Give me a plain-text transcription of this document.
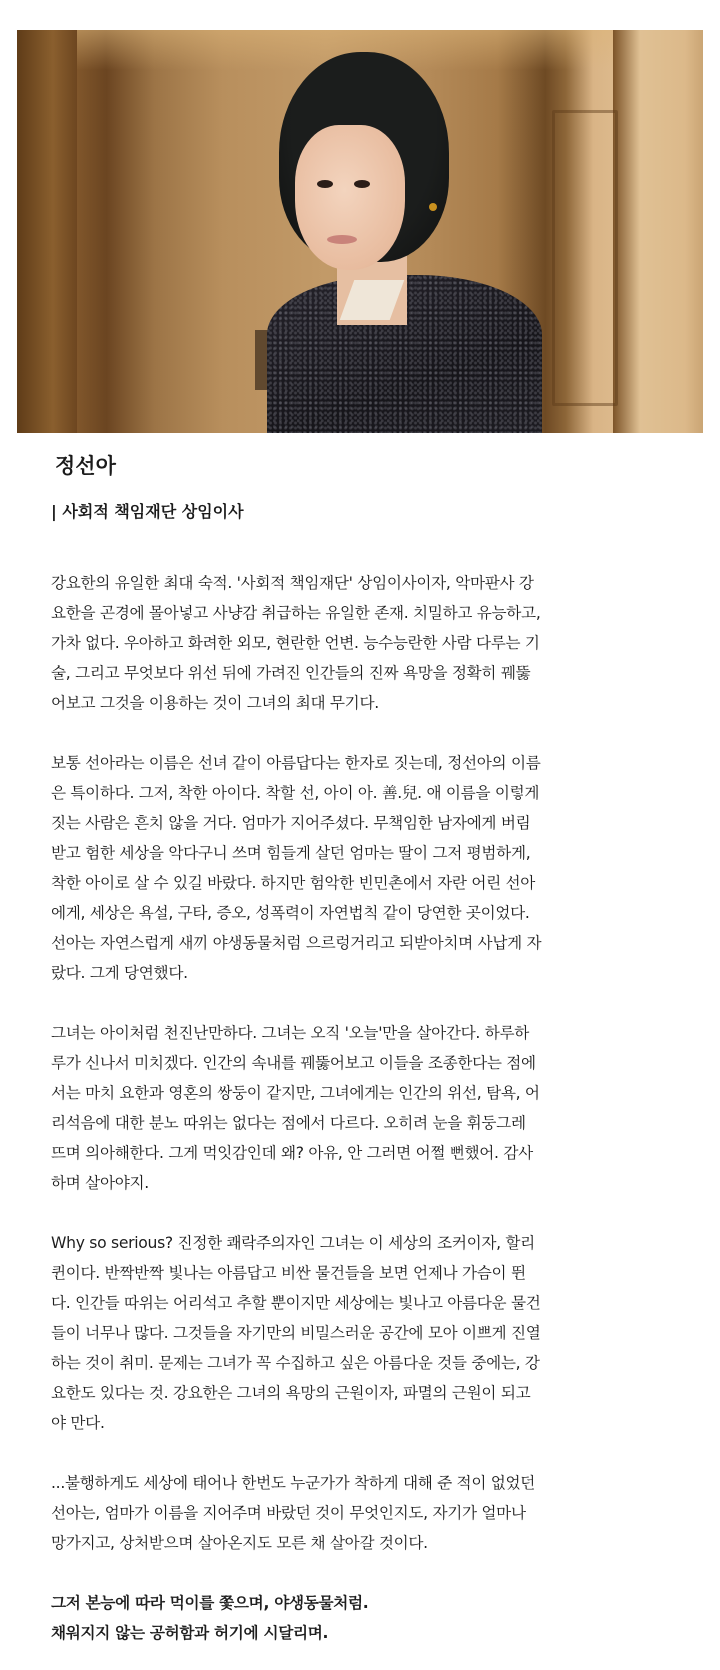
정선아
| 사회적 책임재단 상임이사

강요한의 유일한 최대 숙적. '사회적 책임재단' 상임이사이자, 악마판사 강
요한을 곤경에 몰아넣고 사냥감 취급하는 유일한 존재. 치밀하고 유능하고,
가차 없다. 우아하고 화려한 외모, 현란한 언변. 능수능란한 사람 다루는 기
술, 그리고 무엇보다 위선 뒤에 가려진 인간들의 진짜 욕망을 정확히 꿰뚫
어보고 그것을 이용하는 것이 그녀의 최대 무기다.

보통 선아라는 이름은 선녀 같이 아름답다는 한자로 짓는데, 정선아의 이름
은 특이하다. 그저, 착한 아이다. 착할 선, 아이 아. 善.兒. 애 이름을 이렇게
짓는 사람은 흔치 않을 거다. 엄마가 지어주셨다. 무책임한 남자에게 버림
받고 험한 세상을 악다구니 쓰며 힘들게 살던 엄마는 딸이 그저 평범하게,
착한 아이로 살 수 있길 바랐다. 하지만 험악한 빈민촌에서 자란 어린 선아
에게, 세상은 욕설, 구타, 증오, 성폭력이 자연법칙 같이 당연한 곳이었다.
선아는 자연스럽게 새끼 야생동물처럼 으르렁거리고 되받아치며 사납게 자
랐다. 그게 당연했다.

그녀는 아이처럼 천진난만하다. 그녀는 오직 '오늘'만을 살아간다. 하루하
루가 신나서 미치겠다. 인간의 속내를 꿰뚫어보고 이들을 조종한다는 점에
서는 마치 요한과 영혼의 쌍둥이 같지만, 그녀에게는 인간의 위선, 탐욕, 어
리석음에 대한 분노 따위는 없다는 점에서 다르다. 오히려 눈을 휘둥그레
뜨며 의아해한다. 그게 먹잇감인데 왜? 아유, 안 그러면 어쩔 뻔했어. 감사
하며 살아야지.

Why so serious? 진정한 쾌락주의자인 그녀는 이 세상의 조커이자, 할리
퀸이다. 반짝반짝 빛나는 아름답고 비싼 물건들을 보면 언제나 가슴이 뛴
다. 인간들 따위는 어리석고 추할 뿐이지만 세상에는 빛나고 아름다운 물건
들이 너무나 많다. 그것들을 자기만의 비밀스러운 공간에 모아 이쁘게 진열
하는 것이 취미. 문제는 그녀가 꼭 수집하고 싶은 아름다운 것들 중에는, 강
요한도 있다는 것. 강요한은 그녀의 욕망의 근원이자, 파멸의 근원이 되고
야 만다.

...불행하게도 세상에 태어나 한번도 누군가가 착하게 대해 준 적이 없었던
선아는, 엄마가 이름을 지어주며 바랐던 것이 무엇인지도, 자기가 얼마나
망가지고, 상처받으며 살아온지도 모른 채 살아갈 것이다.

그저 본능에 따라 먹이를 쫓으며, 야생동물처럼.
채워지지 않는 공허함과 허기에 시달리며.
